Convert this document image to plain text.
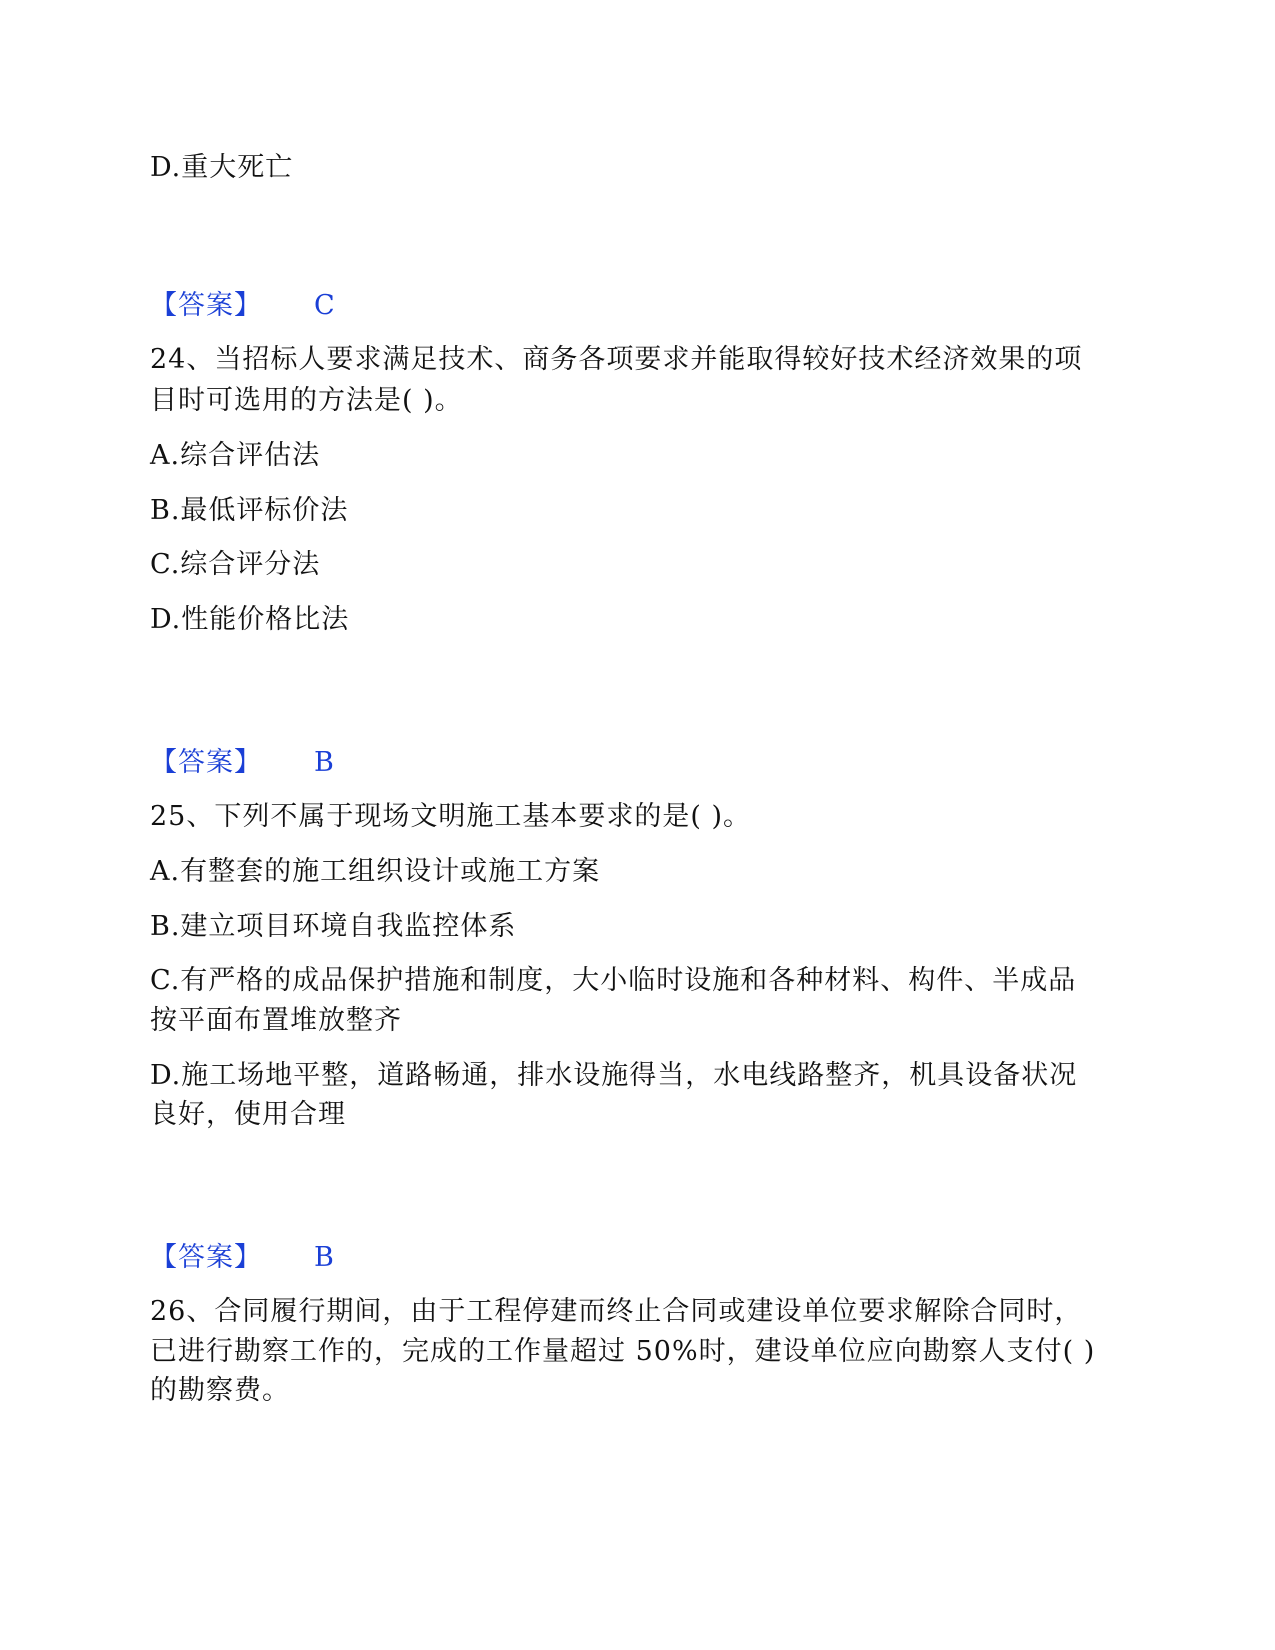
D.重大死亡
【答案】 C
24、当招标人要求满足技术、商务各项要求并能取得较好技术经济效果的项
目时可选用的方法是( )。
A.综合评估法
B.最低评标价法
C.综合评分法
D.性能价格比法
【答案】 B
25、下列不属于现场文明施工基本要求的是( )。
A.有整套的施工组织设计或施工方案
B.建立项目环境自我监控体系
C.有严格的成品保护措施和制度，大小临时设施和各种材料、构件、半成品
按平面布置堆放整齐
D.施工场地平整，道路畅通，排水设施得当，水电线路整齐，机具设备状况
良好，使用合理
【答案】 B
26、合同履行期间，由于工程停建而终止合同或建设单位要求解除合同时，
已进行勘察工作的，完成的工作量超过 50%时，建设单位应向勘察人支付( )
的勘察费。
